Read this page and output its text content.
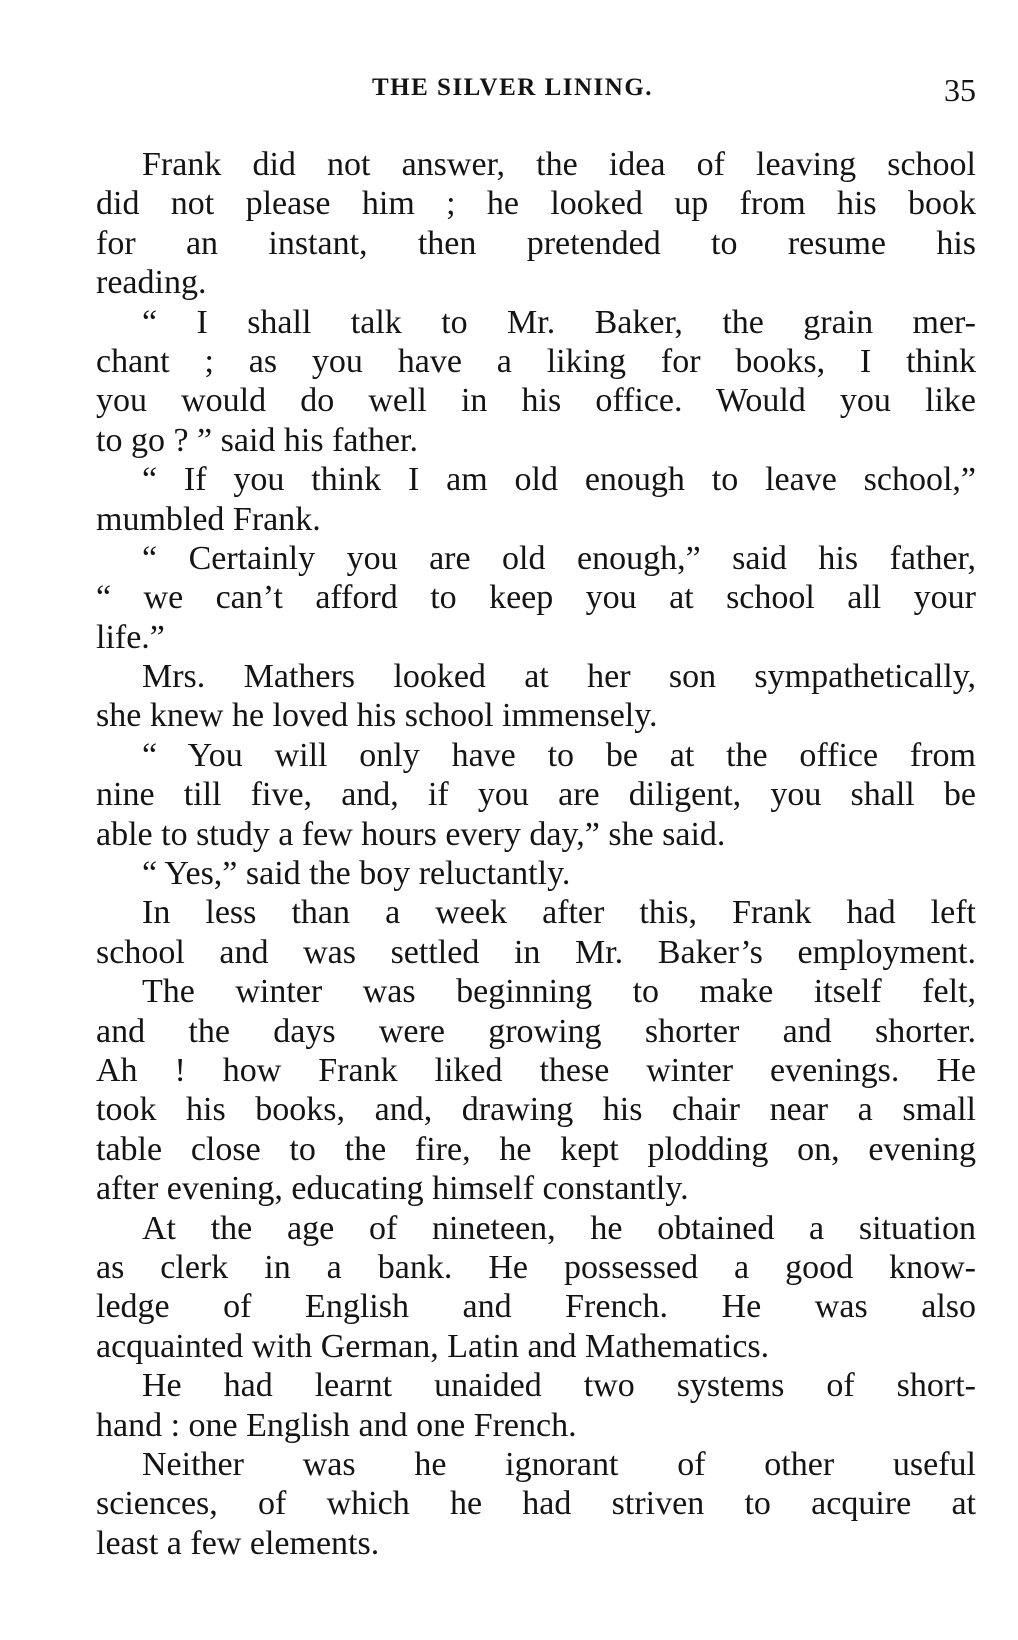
THE SILVER LINING.	35
Frank did not answer, the idea of leaving school
did not please him ; he looked up from his book
for an instant, then pretended to resume his
reading.
“ I shall talk to Mr. Baker, the grain mer-
chant ; as you have a liking for books, I think
you would do well in his office. Would you like
to go ? ” said his father.
“ If you think I am old enough to leave school,”
mumbled Frank.
“ Certainly you are old enough,” said his father,
“ we can’t afford to keep you at school all your
life.”
Mrs. Mathers looked at her son sympathetically,
she knew he loved his school immensely.
“ You will only have to be at the office from
nine till five, and, if you are diligent, you shall be
able to study a few hours every day,” she said.
“ Yes,” said the boy reluctantly.
In less than a week after this, Frank had left
school and was settled in Mr. Baker’s employment.
The winter was beginning to make itself felt,
and the days were growing shorter and shorter.
Ah ! how Frank liked these winter evenings. He
took his books, and, drawing his chair near a small
table close to the fire, he kept plodding on, evening
after evening, educating himself constantly.
At the age of nineteen, he obtained a situation
as clerk in a bank. He possessed a good know-
ledge of English and French. He was also
acquainted with German, Latin and Mathematics.
He had learnt unaided two systems of short-
hand : one English and one French.
Neither was he ignorant of other useful
sciences, of which he had striven to acquire at
least a few elements.
